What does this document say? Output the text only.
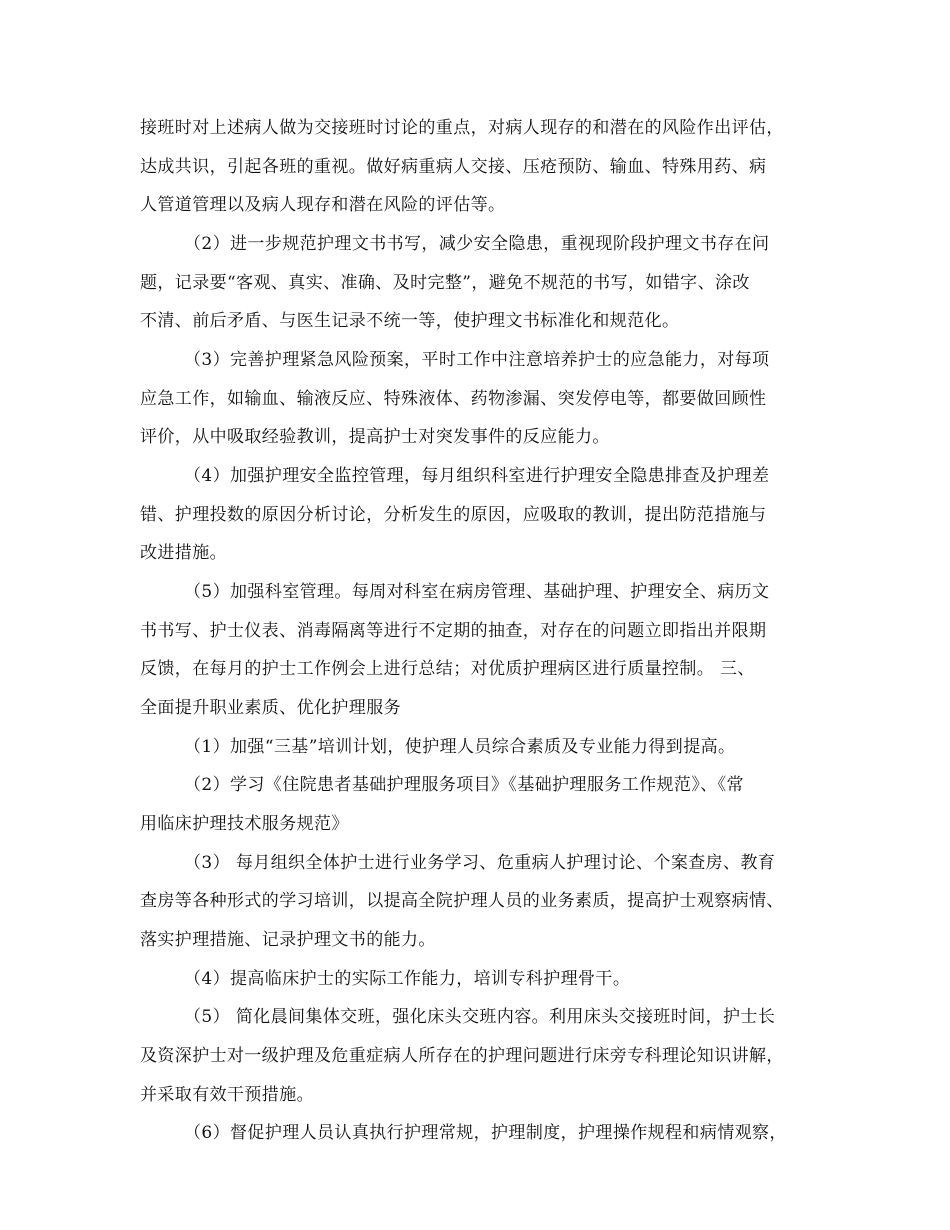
接班时对上述病人做为交接班时讨论的重点，对病人现存的和潜在的风险作出评估，
达成共识，引起各班的重视。做好病重病人交接、压疮预防、输血、特殊用药、病
人管道管理以及病人现存和潜在风险的评估等。
（2）进一步规范护理文书书写，减少安全隐患，重视现阶段护理文书存在问
题，记录要“客观、真实、准确、及时完整”，避免不规范的书写，如错字、涂改
不清、前后矛盾、与医生记录不统一等，使护理文书标准化和规范化。
（3）完善护理紧急风险预案，平时工作中注意培养护士的应急能力，对每项
应急工作，如输血、输液反应、特殊液体、药物渗漏、突发停电等，都要做回顾性
评价，从中吸取经验教训，提高护士对突发事件的反应能力。
（4）加强护理安全监控管理，每月组织科室进行护理安全隐患排查及护理差
错、护理投数的原因分析讨论，分析发生的原因，应吸取的教训，提出防范措施与
改进措施。
（5）加强科室管理。每周对科室在病房管理、基础护理、护理安全、病历文
书书写、护士仪表、消毒隔离等进行不定期的抽查，对存在的问题立即指出并限期
反馈，在每月的护士工作例会上进行总结；对优质护理病区进行质量控制。 三、
全面提升职业素质、优化护理服务
（1）加强“三基”培训计划，使护理人员综合素质及专业能力得到提高。
（2）学习《住院患者基础护理服务项目》《基础护理服务工作规范》、《常
用临床护理技术服务规范》
（3） 每月组织全体护士进行业务学习、危重病人护理讨论、个案查房、教育
查房等各种形式的学习培训，以提高全院护理人员的业务素质，提高护士观察病情、
落实护理措施、记录护理文书的能力。
（4）提高临床护士的实际工作能力，培训专科护理骨干。
（5） 简化晨间集体交班，强化床头交班内容。利用床头交接班时间，护士长
及资深护士对一级护理及危重症病人所存在的护理问题进行床旁专科理论知识讲解，
并采取有效干预措施。
（6）督促护理人员认真执行护理常规，护理制度，护理操作规程和病情观察，
